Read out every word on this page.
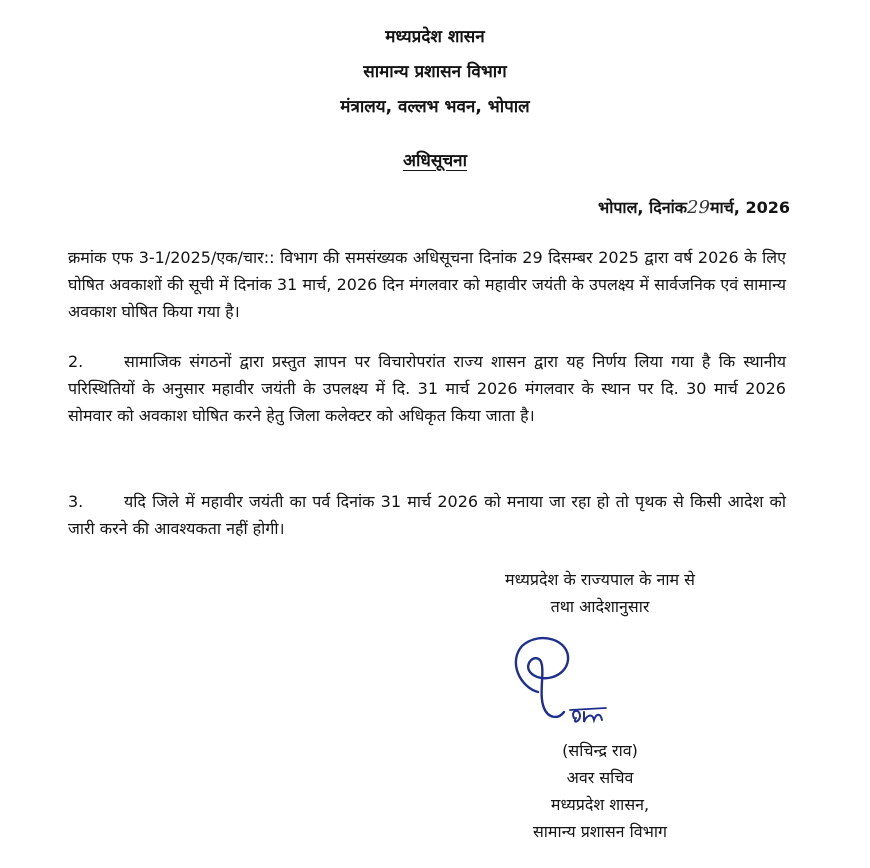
मध्यप्रदेश शासन
सामान्य प्रशासन विभाग
मंत्रालय, वल्लभ भवन, भोपाल
अधिसूचना
भोपाल, दिनांक29मार्च, 2026
क्रमांक एफ 3-1/2025/एक/चार:: विभाग की समसंख्यक अधिसूचना दिनांक 29 दिसम्बर 2025 द्वारा वर्ष 2026 के लिए घोषित अवकाशों की सूची में दिनांक 31 मार्च, 2026 दिन मंगलवार को महावीर जयंती के उपलक्ष्य में सार्वजनिक एवं सामान्य अवकाश घोषित किया गया है।
2.	सामाजिक संगठनों द्वारा प्रस्तुत ज्ञापन पर विचारोपरांत राज्य शासन द्वारा यह निर्णय लिया गया है कि स्थानीय परिस्थितियों के अनुसार महावीर जयंती के उपलक्ष्य में दि. 31 मार्च 2026 मंगलवार के स्थान पर दि. 30 मार्च 2026 सोमवार को अवकाश घोषित करने हेतु जिला कलेक्टर को अधिकृत किया जाता है।
3.	यदि जिले में महावीर जयंती का पर्व दिनांक 31 मार्च 2026 को मनाया जा रहा हो तो पृथक से किसी आदेश को जारी करने की आवश्यकता नहीं होगी।
मध्यप्रदेश के राज्यपाल के नाम से
तथा आदेशानुसार
(सचिन्द्र राव)
अवर सचिव
मध्यप्रदेश शासन,
सामान्य प्रशासन विभाग
